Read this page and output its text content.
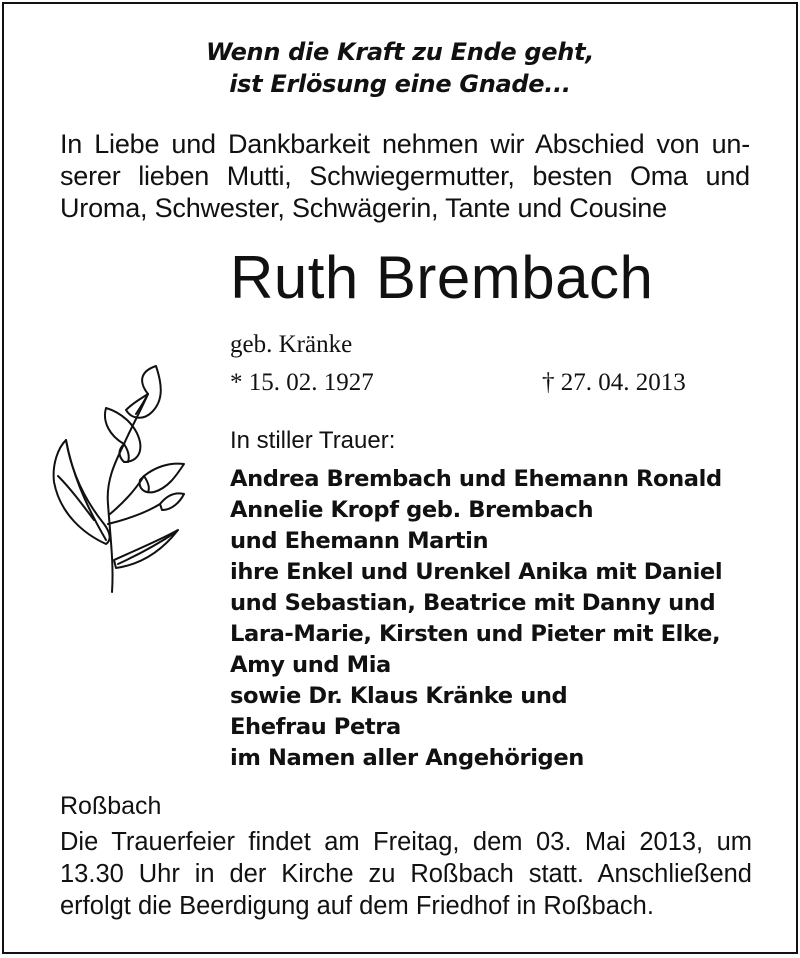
Wenn die Kraft zu Ende geht,
ist Erlösung eine Gnade...
In Liebe und Dankbarkeit nehmen wir Abschied von un-
serer lieben Mutti, Schwiegermutter, besten Oma und
Uroma, Schwester, Schwägerin, Tante und Cousine
Ruth Brembach
geb. Kränke
* 15. 02. 1927	† 27. 04. 2013
In stiller Trauer:
Andrea Brembach und Ehemann Ronald
Annelie Kropf geb. Brembach
und Ehemann Martin
ihre Enkel und Urenkel Anika mit Daniel
und Sebastian, Beatrice mit Danny und
Lara-Marie, Kirsten und Pieter mit Elke,
Amy und Mia
sowie Dr. Klaus Kränke und
Ehefrau Petra
im Namen aller Angehörigen
Roßbach
Die Trauerfeier findet am Freitag, dem 03. Mai 2013, um
13.30 Uhr in der Kirche zu Roßbach statt. Anschließend
erfolgt die Beerdigung auf dem Friedhof in Roßbach.
